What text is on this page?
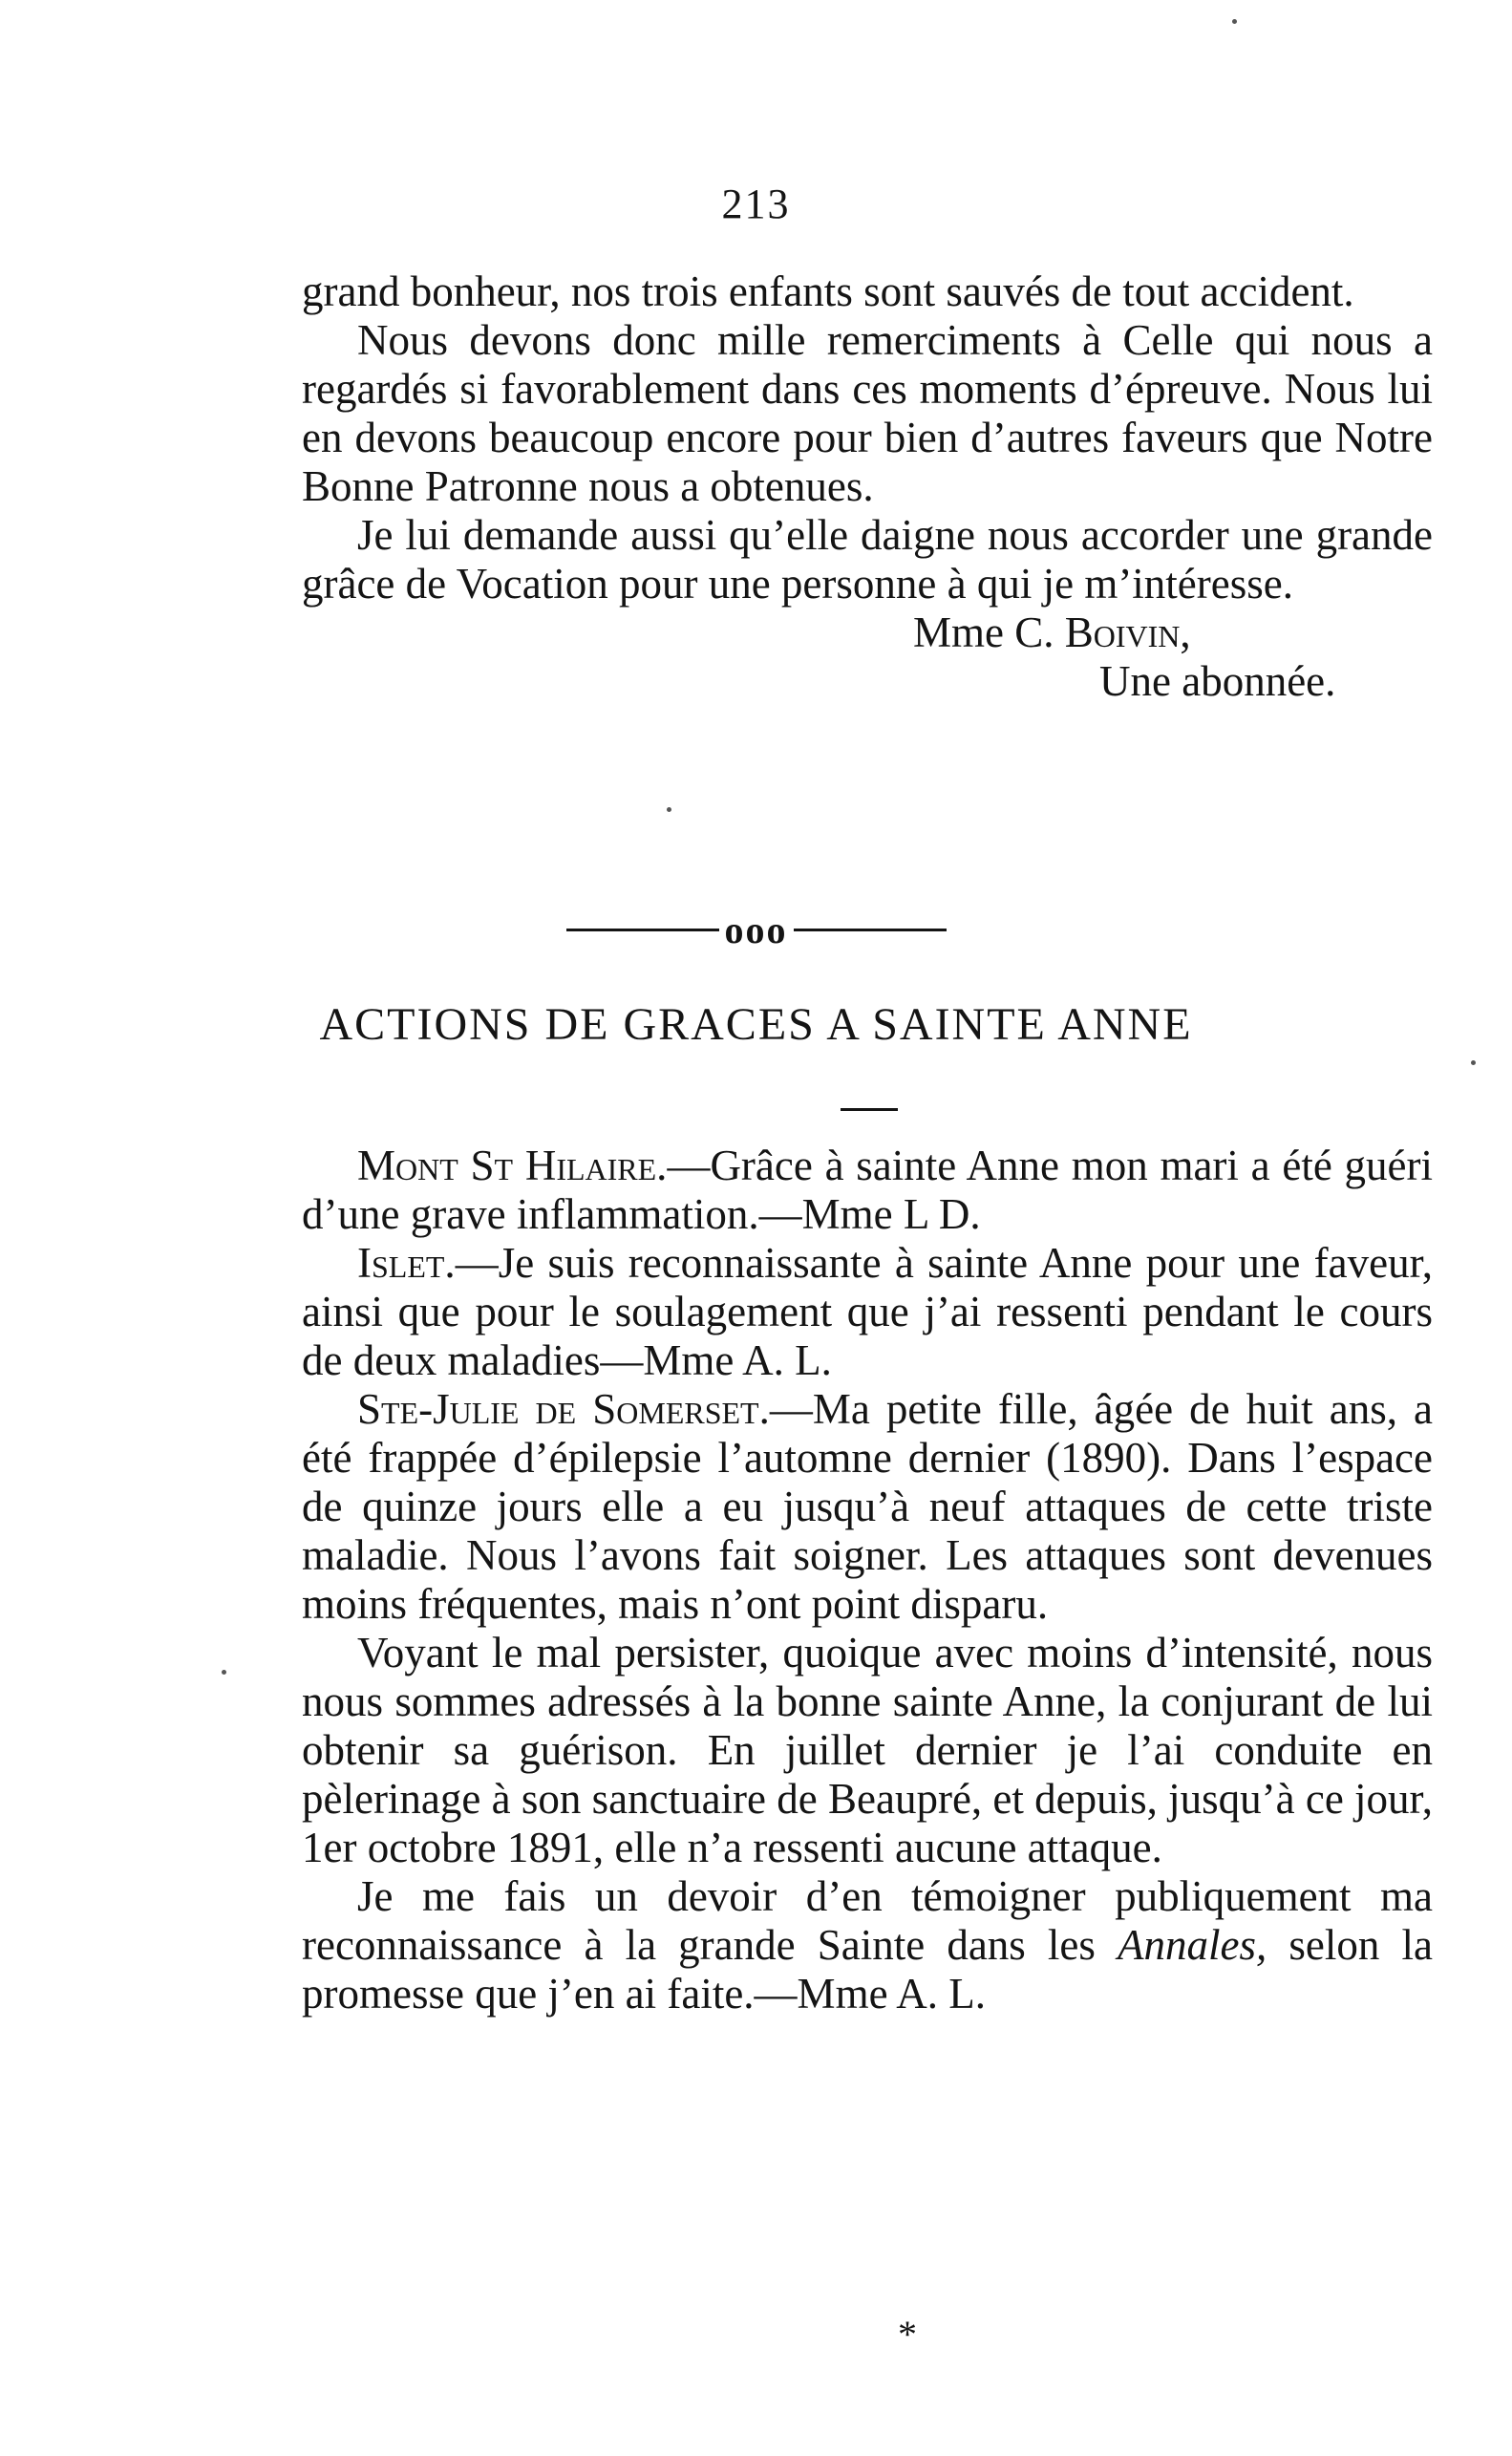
213

grand bonheur, nos trois enfants sont sauvés de tout accident.

Nous devons donc mille remerciments à Celle qui nous a regardés si favorablement dans ces moments d’épreuve. Nous lui en devons beaucoup encore pour bien d’autres faveurs que Notre Bonne Patronne nous a obtenues.

Je lui demande aussi qu’elle daigne nous accorder une grande grâce de Vocation pour une personne à qui je m’intéresse.

Mme C. Boivin,

Une abonnée.

ooo
ACTIONS DE GRACES A SAINTE ANNE

Mont St Hilaire.—Grâce à sainte Anne mon mari a été guéri d’une grave inflammation.—Mme L D.

Islet.—Je suis reconnaissante à sainte Anne pour une faveur, ainsi que pour le soulagement que j’ai ressenti pendant le cours de deux maladies—Mme A. L.

Ste-Julie de Somerset.—Ma petite fille, âgée de huit ans, a été frappée d’épilepsie l’automne dernier (1890). Dans l’espace de quinze jours elle a eu jusqu’à neuf attaques de cette triste maladie. Nous l’avons fait soigner. Les attaques sont devenues moins fréquentes, mais n’ont point disparu.

Voyant le mal persister, quoique avec moins d’intensité, nous nous sommes adressés à la bonne sainte Anne, la conjurant de lui obtenir sa guérison. En juillet dernier je l’ai conduite en pèlerinage à son sanctuaire de Beaupré, et depuis, jusqu’à ce jour, 1er octobre 1891, elle n’a ressenti aucune attaque.

Je me fais un devoir d’en témoigner publiquement ma reconnaissance à la grande Sainte dans les Annales, selon la promesse que j’en ai faite.—Mme A. L.

*
